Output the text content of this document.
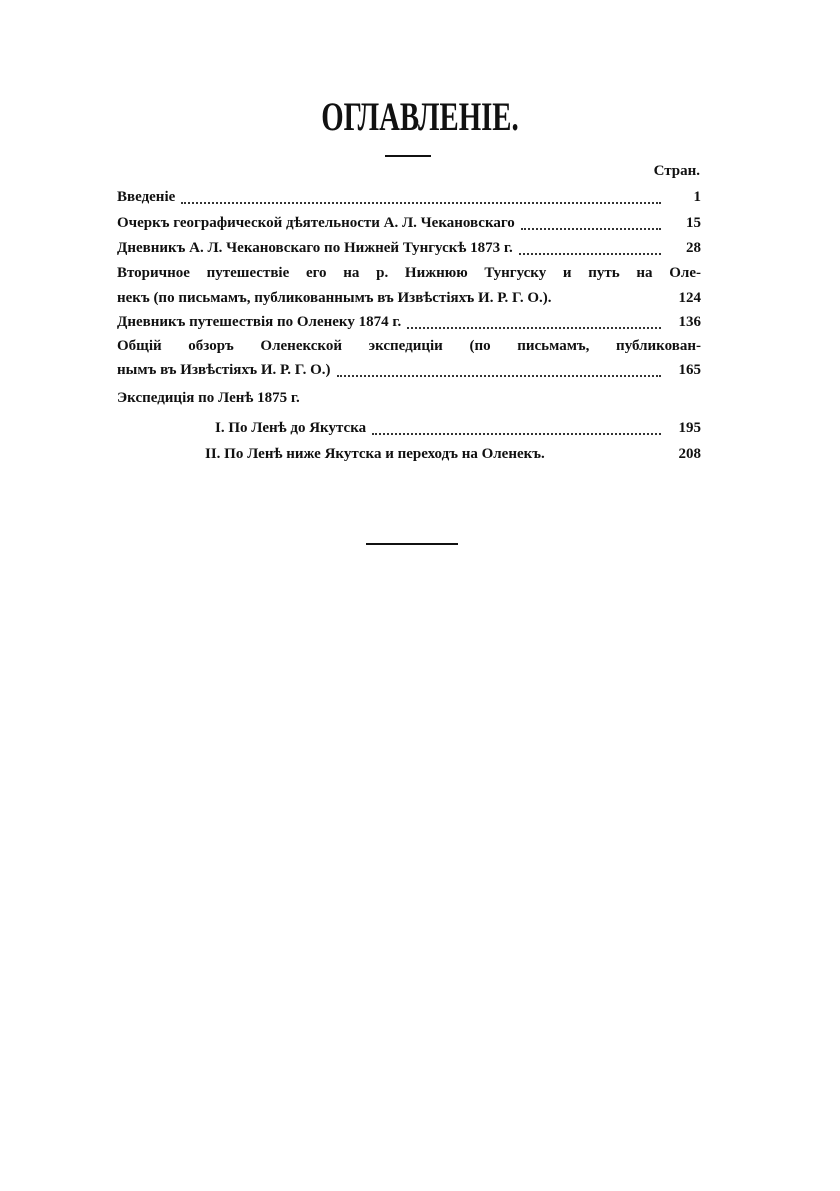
ОГЛАВЛЕНІЕ.
Стран.
Введеніе	1
Очеркъ географической дѣятельности А. Л. Чекановскаго	15
Дневникъ А. Л. Чекановскаго по Нижней Тунгускѣ 1873 г.	28
Вторичное путешествіе его на р. Нижнюю Тунгуску и путь на Оле-
некъ (по письмамъ, публикованнымъ въ Извѣстіяхъ И. Р. Г. О.).	124
Дневникъ путешествія по Оленеку 1874 г.	136
Общій обзоръ Оленекской экспедиціи (по письмамъ, публикован-
нымъ въ Извѣстіяхъ И. Р. Г. О.)	165
Экспедиція по Ленѣ 1875 г.
I. По Ленѣ до Якутска	195
II. По Ленѣ ниже Якутска и переходъ на Оленекъ.	208
